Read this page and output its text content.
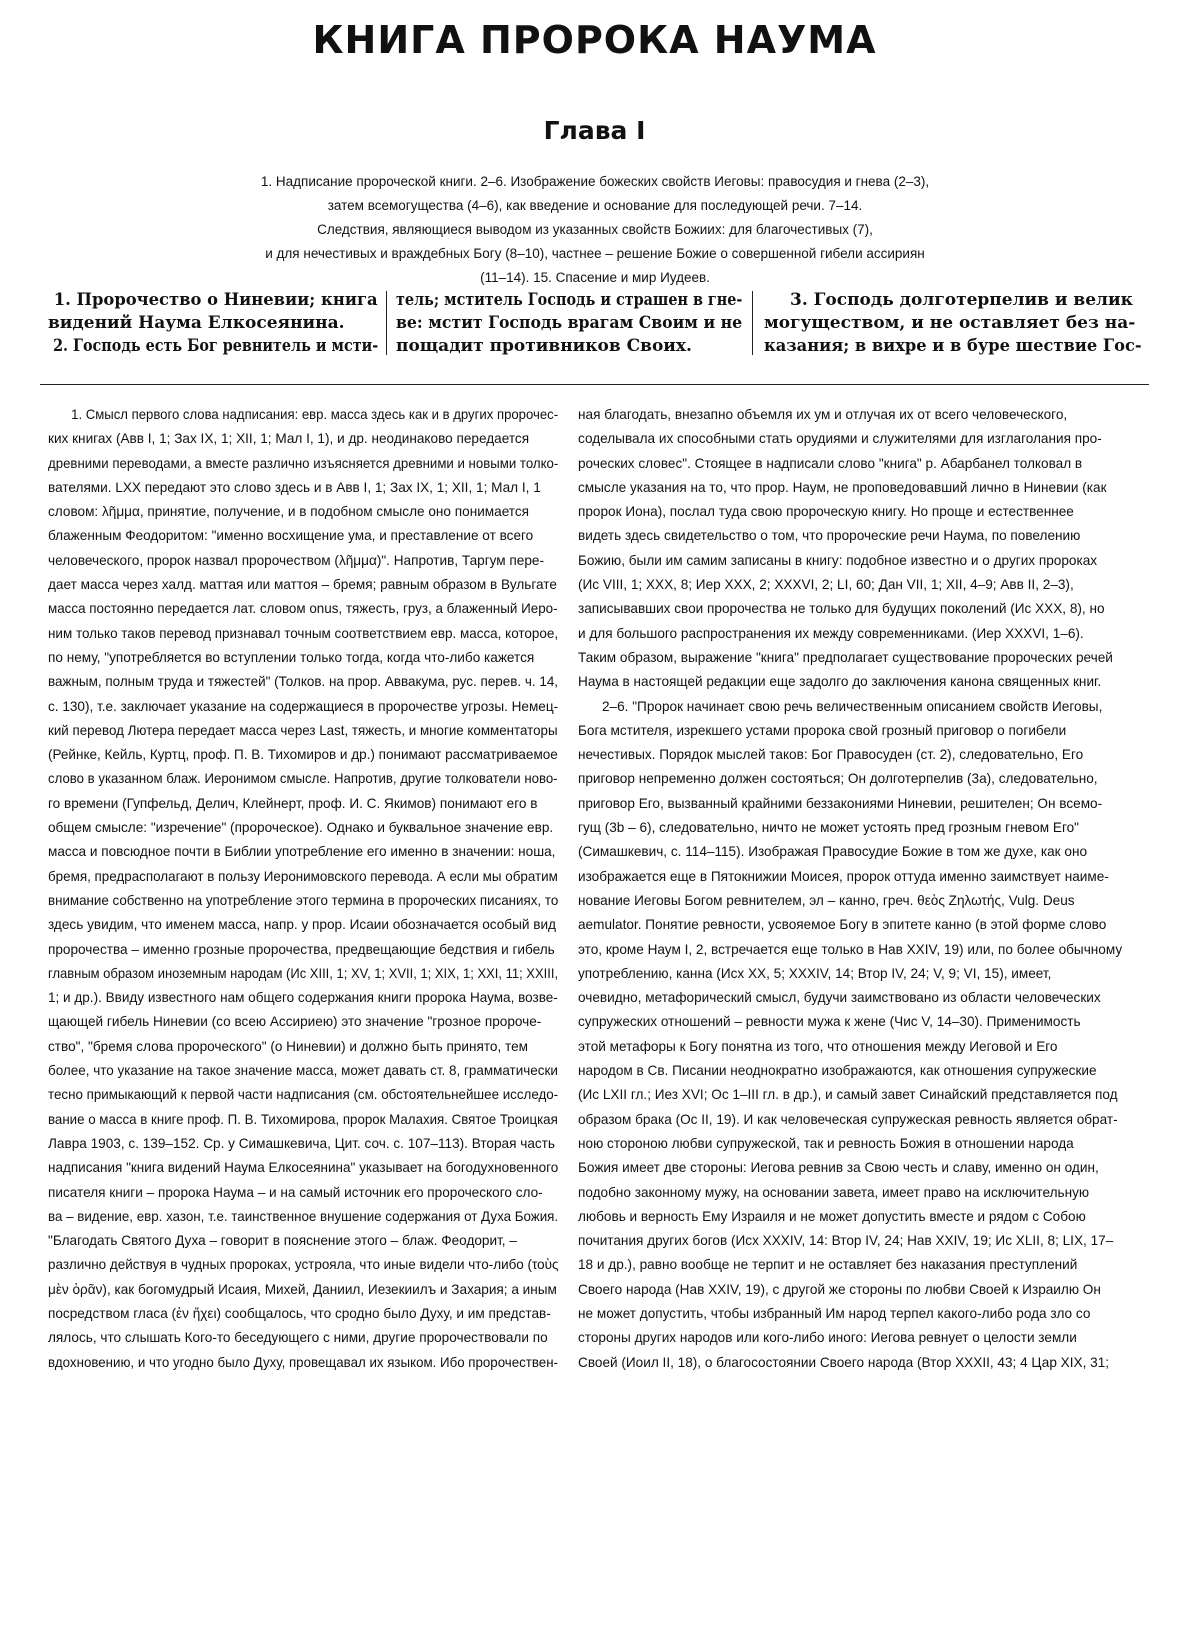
КНИГА ПРОРОКА НАУМА
Глава I
1. Надписание пророческой книги. 2–6. Изображение божеских свойств Иеговы: правосудия и гнева (2–3),
затем всемогущества (4–6), как введение и основание для последующей речи. 7–14.
Следствия, являющиеся выводом из указанных свойств Божиих: для благочестивых (7),
и для нечестивых и враждебных Богу (8–10), частнее – решение Божие о совершенной гибели ассириян
(11–14). 15. Спасение и мир Иудеев.
1. Пророчество о Ниневии; книга
видений Наума Елкосеянина.
2. Господь есть Бог ревнитель и мсти-
тель; мститель Господь и страшен в гне-
ве: мстит Господь врагам Своим и не
пощадит противников Своих.
3. Господь долготерпелив и велик
могуществом, и не оставляет без на-
казания; в вихре и в буре шествие Гос-
1. Смысл первого слова надписания: евр. масса здесь как и в других пророчес-
ких книгах (Авв I, 1; Зах IX, 1; XII, 1; Мал I, 1), и др. неодинаково передается
древними переводами, а вместе различно изъясняется древними и новыми толко-
вателями. LXX передают это слово здесь и в Авв I, 1; Зах IX, 1; XII, 1; Мал I, 1
словом: λῆμμα, принятие, получение, и в подобном смысле оно понимается
блаженным Феодоритом: "именно восхищение ума, и преставление от всего
человеческого, пророк назвал пророчеством (λῆμμα)". Напротив, Таргум пере-
дает масса через халд. маттая или маттоя – бремя; равным образом в Вульгате
масса постоянно передается лат. словом onus, тяжесть, груз, а блаженный Иеро-
ним только таков перевод признавал точным соответствием евр. масса, которое,
по нему, "употребляется во вступлении только тогда, когда что-либо кажется
важным, полным труда и тяжестей" (Толков. на прор. Аввакума, рус. перев. ч. 14,
с. 130), т.е. заключает указание на содержащиеся в пророчестве угрозы. Немец-
кий перевод Лютера передает масса через Last, тяжесть, и многие комментаторы
(Рейнке, Кейль, Куртц, проф. П. В. Тихомиров и др.) понимают рассматриваемое
слово в указанном блаж. Иеронимом смысле. Напротив, другие толкователи ново-
го времени (Гупфельд, Делич, Клейнерт, проф. И. С. Якимов) понимают его в
общем смысле: "изречение" (пророческое). Однако и буквальное значение евр.
масса и повсюдное почти в Библии употребление его именно в значении: ноша,
бремя, предрасполагают в пользу Иеронимовского перевода. А если мы обратим
внимание собственно на употребление этого термина в пророческих писаниях, то
здесь увидим, что именем масса, напр. у прор. Исаии обозначается особый вид
пророчества – именно грозные пророчества, предвещающие бедствия и гибель
главным образом иноземным народам (Ис XIII, 1; XV, 1; XVII, 1; XIX, 1; XXI, 11; XXIII,
1; и др.). Ввиду известного нам общего содержания книги пророка Наума, возве-
щающей гибель Ниневии (со всею Ассириею) это значение "грозное пророче-
ство", "бремя слова пророческого" (о Ниневии) и должно быть принято, тем
более, что указание на такое значение масса, может давать ст. 8, грамматически
тесно примыкающий к первой части надписания (см. обстоятельнейшее исследо-
вание о масса в книге проф. П. В. Тихомирова, пророк Малахия. Святое Троицкая
Лавра 1903, с. 139–152. Ср. у Симашкевича, Цит. соч. с. 107–113). Вторая часть
надписания "книга видений Наума Елкосеянина" указывает на богодухновенного
писателя книги – пророка Наума – и на самый источник его пророческого сло-
ва – видение, евр. хазон, т.е. таинственное внушение содержания от Духа Божия.
"Благодать Святого Духа – говорит в пояснение этого – блаж. Феодорит, –
различно действуя в чудных пророках, устрояла, что иные видели что-либо (τοὺς
μὲν ὁρᾶν), как богомудрый Исаия, Михей, Даниил, Иезекиилъ и Захария; а иным
посредством гласа (ἐν ἤχει) сообщалось, что сродно было Духу, и им представ-
лялось, что слышать Кого-то беседующего с ними, другие пророчествовали по
вдохновению, и что угодно было Духу, провещавал их языком. Ибо пророчествен-
ная благодать, внезапно объемля их ум и отлучая их от всего человеческого,
соделывала их способными стать орудиями и служителями для изглаголания про-
роческих словес". Стоящее в надписали слово "книга" р. Абарбанел толковал в
смысле указания на то, что прор. Наум, не проповедовавший лично в Ниневии (как
пророк Иона), послал туда свою пророческую книгу. Но проще и естественнее
видеть здесь свидетельство о том, что пророческие речи Наума, по повелению
Божию, были им самим записаны в книгу: подобное известно и о других пророках
(Ис VIII, 1; XXX, 8; Иер XXX, 2; XXXVI, 2; LI, 60; Дан VII, 1; XII, 4–9; Авв II, 2–3),
записывавших свои пророчества не только для будущих поколений (Ис XXX, 8), но
и для большого распространения их между современниками. (Иер XXXVI, 1–6).
Таким образом, выражение "книга" предполагает существование пророческих речей
Наума в настоящей редакции еще задолго до заключения канона священных книг.
2–6. "Пророк начинает свою речь величественным описанием свойств Иеговы,
Бога мстителя, изрекшего устами пророка свой грозный приговор о погибели
нечестивых. Порядок мыслей таков: Бог Правосуден (ст. 2), следовательно, Его
приговор непременно должен состояться; Он долготерпелив (3а), следовательно,
приговор Его, вызванный крайними беззакониями Ниневии, решителен; Он всемо-
гущ (3b – 6), следовательно, ничто не может устоять пред грозным гневом Его"
(Симашкевич, с. 114–115). Изображая Правосудие Божие в том же духе, как оно
изображается еще в Пятокнижии Моисея, пророк оттуда именно заимствует наиме-
нование Иеговы Богом ревнителем, эл – канно, греч. θεὸς Ζηλωτής, Vulg. Deus
aemulator. Понятие ревности, усвояемое Богу в эпитете канно (в этой форме слово
это, кроме Наум I, 2, встречается еще только в Нав XXIV, 19) или, по более обычному
употреблению, канна (Исх XX, 5; XXXIV, 14; Втор IV, 24; V, 9; VI, 15), имеет,
очевидно, метафорический смысл, будучи заимствовано из области человеческих
супружеских отношений – ревности мужа к жене (Чис V, 14–30). Применимость
этой метафоры к Богу понятна из того, что отношения между Иеговой и Его
народом в Св. Писании неоднократно изображаются, как отношения супружеские
(Ис LXII гл.; Иез XVI; Ос 1–III гл. в др.), и самый завет Синайский представляется под
образом брака (Ос II, 19). И как человеческая супружеская ревность является обрат-
ною стороною любви супружеской, так и ревность Божия в отношении народа
Божия имеет две стороны: Иегова ревнив за Свою честь и славу, именно он один,
подобно законному мужу, на основании завета, имеет право на исключительную
любовь и верность Ему Израиля и не может допустить вместе и рядом с Собою
почитания других богов (Исх XXXIV, 14: Втор IV, 24; Нав XXIV, 19; Ис XLII, 8; LIX, 17–
18 и др.), равно вообще не терпит и не оставляет без наказания преступлений
Своего народа (Нав XXIV, 19), с другой же стороны по любви Своей к Израилю Он
не может допустить, чтобы избранный Им народ терпел какого-либо рода зло со
стороны других народов или кого-либо иного: Иегова ревнует о целости земли
Своей (Иоил II, 18), о благосостоянии Своего народа (Втор XXXII, 43; 4 Цар XIX, 31;
